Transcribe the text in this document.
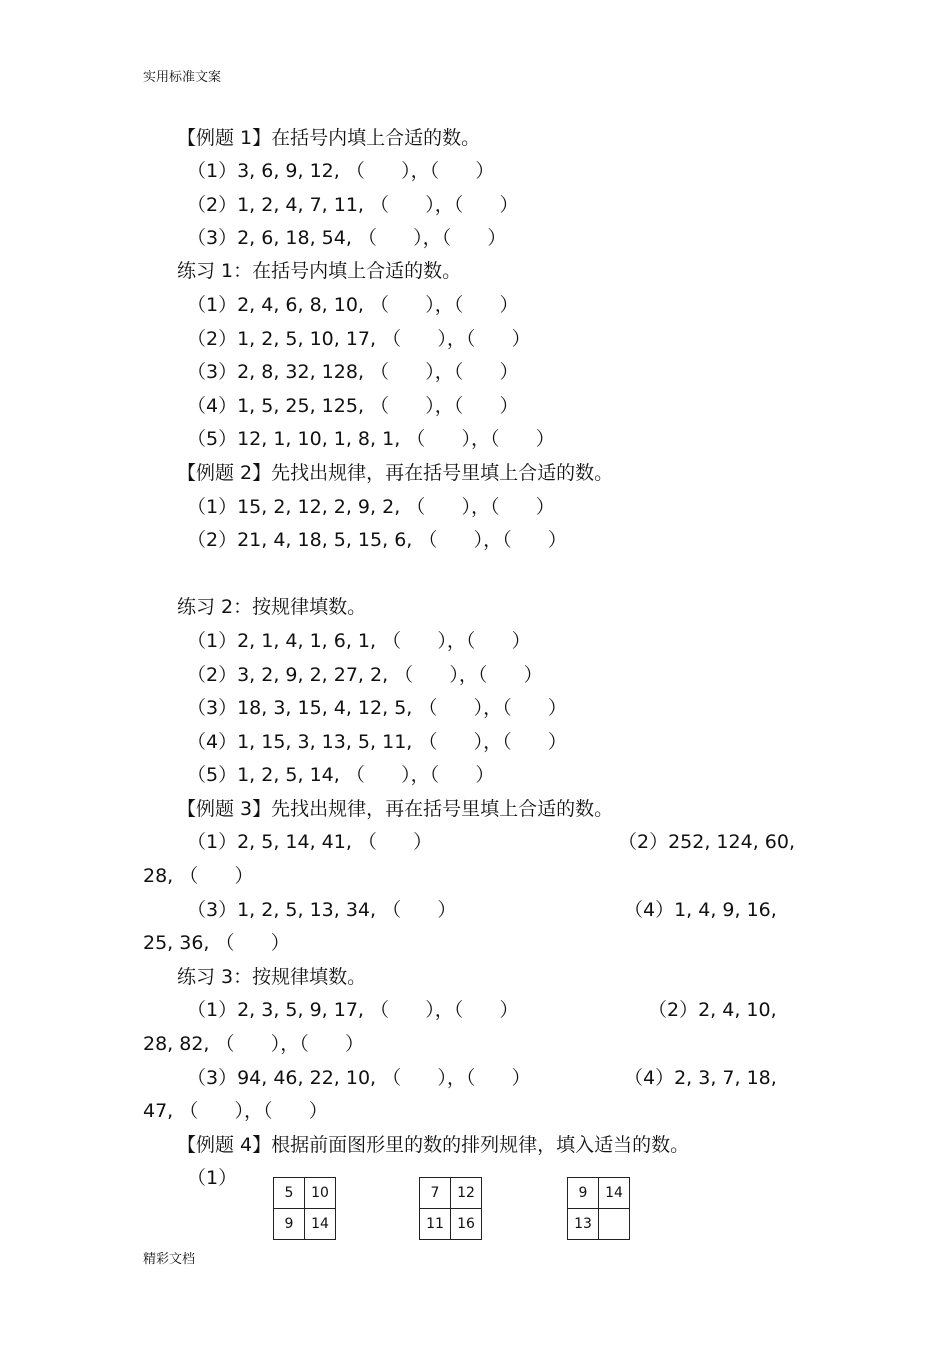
实用标准文案
【例题 1】在括号内填上合适的数。
（1）3, 6, 9, 12, （      ），（      ）
（2）1, 2, 4, 7, 11, （      ），（      ）
（3）2, 6, 18, 54, （      ），（      ）
练习 1：在括号内填上合适的数。
（1）2, 4, 6, 8, 10, （      ），（      ）
（2）1, 2, 5, 10, 17, （      ），（      ）
（3）2, 8, 32, 128, （      ），（      ）
（4）1, 5, 25, 125, （      ），（      ）
（5）12, 1, 10, 1, 8, 1, （      ），（      ）
【例题 2】先找出规律，再在括号里填上合适的数。
（1）15, 2, 12, 2, 9, 2, （      ），（      ）
（2）21, 4, 18, 5, 15, 6, （      ），（      ）
练习 2：按规律填数。
（1）2, 1, 4, 1, 6, 1, （      ），（      ）
（2）3, 2, 9, 2, 27, 2, （      ），（      ）
（3）18, 3, 15, 4, 12, 5, （      ），（      ）
（4）1, 15, 3, 13, 5, 11, （      ），（      ）
（5）1, 2, 5, 14, （      ），（      ）
【例题 3】先找出规律，再在括号里填上合适的数。
（1）2, 5, 14, 41, （      ）	（2）252, 124, 60,
28, （      ）
（3）1, 2, 5, 13, 34, （      ）	（4）1, 4, 9, 16,
25, 36, （      ）
练习 3：按规律填数。
（1）2, 3, 5, 9, 17, （      ），（      ）	（2）2, 4, 10,
28, 82, （      ），（      ）
（3）94, 46, 22, 10, （      ），（      ）	（4）2, 3, 7, 18,
47, （      ），（      ）
【例题 4】根据前面图形里的数的排列规律，填入适当的数。
（1）
5	10
9	14
7	12
11	16
9	14
13	
精彩文档
